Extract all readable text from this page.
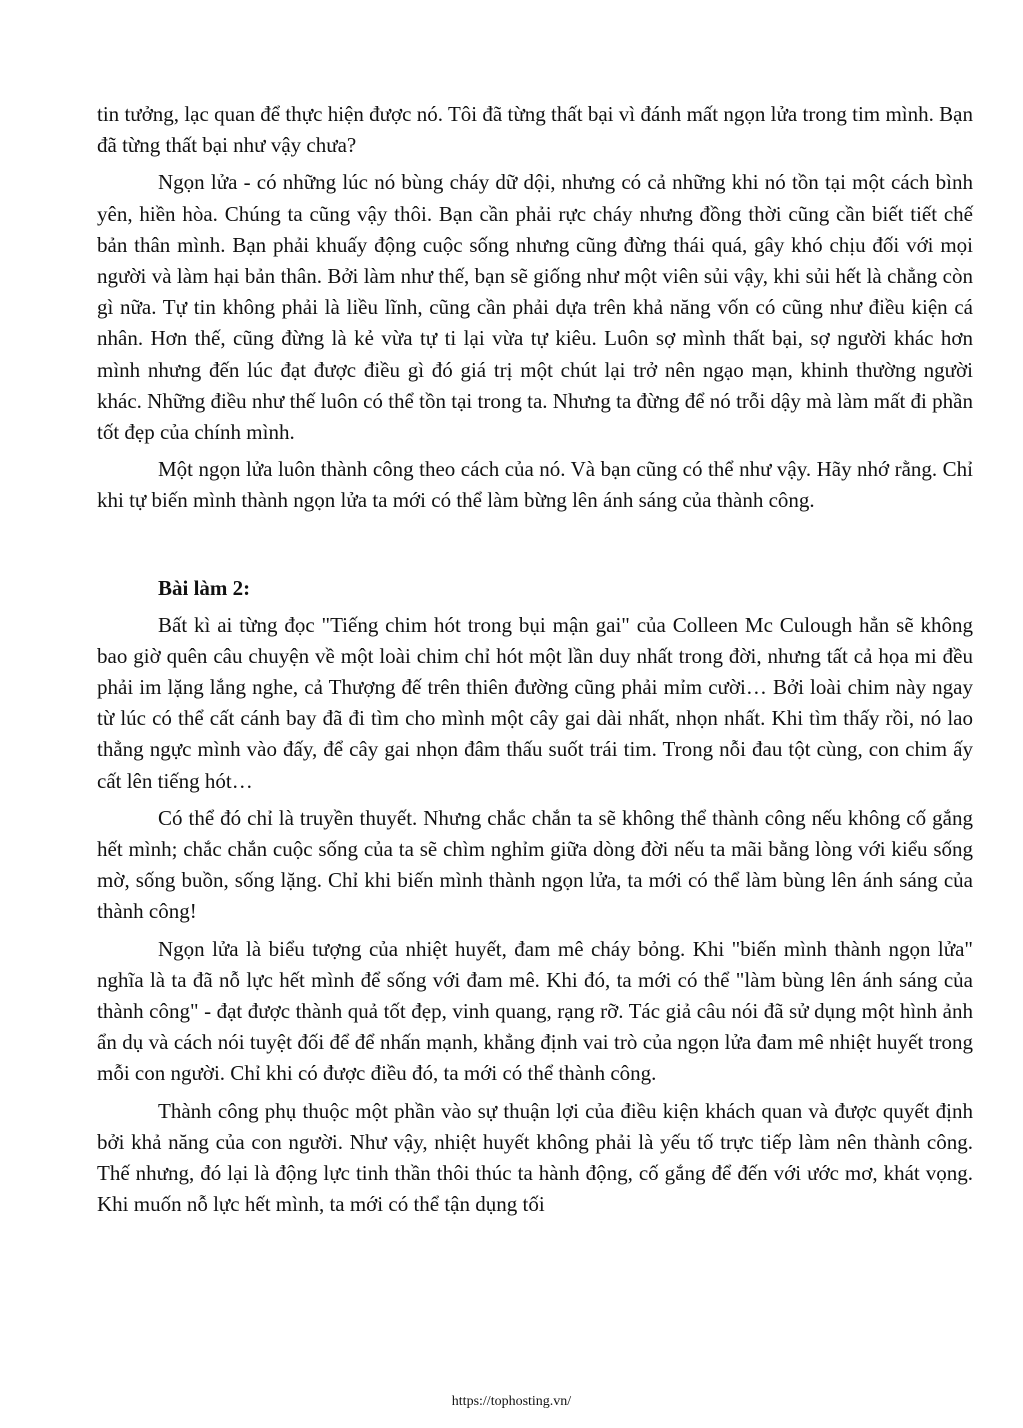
tin tưởng, lạc quan để thực hiện được nó. Tôi đã từng thất bại vì đánh mất ngọn lửa trong tim mình. Bạn đã từng thất bại như vậy chưa?

Ngọn lửa - có những lúc nó bùng cháy dữ dội, nhưng có cả những khi nó tồn tại một cách bình yên, hiền hòa. Chúng ta cũng vậy thôi. Bạn cần phải rực cháy nhưng đồng thời cũng cần biết tiết chế bản thân mình. Bạn phải khuấy động cuộc sống nhưng cũng đừng thái quá, gây khó chịu đối với mọi người và làm hại bản thân. Bởi làm như thế, bạn sẽ giống như một viên sủi vậy, khi sủi hết là chẳng còn gì nữa. Tự tin không phải là liều lĩnh, cũng cần phải dựa trên khả năng vốn có cũng như điều kiện cá nhân. Hơn thế, cũng đừng là kẻ vừa tự ti lại vừa tự kiêu. Luôn sợ mình thất bại, sợ người khác hơn mình nhưng đến lúc đạt được điều gì đó giá trị một chút lại trở nên ngạo mạn, khinh thường người khác. Những điều như thế luôn có thể tồn tại trong ta. Nhưng ta đừng để nó trỗi dậy mà làm mất đi phần tốt đẹp của chính mình.

Một ngọn lửa luôn thành công theo cách của nó. Và bạn cũng có thể như vậy. Hãy nhớ rằng. Chỉ khi tự biến mình thành ngọn lửa ta mới có thể làm bừng lên ánh sáng của thành công.

Bài làm 2:

Bất kì ai từng đọc "Tiếng chim hót trong bụi mận gai" của Colleen Mc Culough hẳn sẽ không bao giờ quên câu chuyện về một loài chim chỉ hót một lần duy nhất trong đời, nhưng tất cả họa mi đều phải im lặng lắng nghe, cả Thượng đế trên thiên đường cũng phải mỉm cười… Bởi loài chim này ngay từ lúc có thể cất cánh bay đã đi tìm cho mình một cây gai dài nhất, nhọn nhất. Khi tìm thấy rồi, nó lao thẳng ngực mình vào đấy, để cây gai nhọn đâm thấu suốt trái tim. Trong nỗi đau tột cùng, con chim ấy cất lên tiếng hót…

Có thể đó chỉ là truyền thuyết. Nhưng chắc chắn ta sẽ không thể thành công nếu không cố gắng hết mình; chắc chắn cuộc sống của ta sẽ chìm nghỉm giữa dòng đời nếu ta mãi bằng lòng với kiểu sống mờ, sống buồn, sống lặng. Chỉ khi biến mình thành ngọn lửa, ta mới có thể làm bùng lên ánh sáng của thành công!

Ngọn lửa là biểu tượng của nhiệt huyết, đam mê cháy bỏng. Khi "biến mình thành ngọn lửa" nghĩa là ta đã nỗ lực hết mình để sống với đam mê. Khi đó, ta mới có thể "làm bùng lên ánh sáng của thành công" - đạt được thành quả tốt đẹp, vinh quang, rạng rỡ. Tác giả câu nói đã sử dụng một hình ảnh ẩn dụ và cách nói tuyệt đối để để nhấn mạnh, khẳng định vai trò của ngọn lửa đam mê nhiệt huyết trong mỗi con người. Chỉ khi có được điều đó, ta mới có thể thành công.

Thành công phụ thuộc một phần vào sự thuận lợi của điều kiện khách quan và được quyết định bởi khả năng của con người. Như vậy, nhiệt huyết không phải là yếu tố trực tiếp làm nên thành công. Thế nhưng, đó lại là động lực tinh thần thôi thúc ta hành động, cố gắng để đến với ước mơ, khát vọng. Khi muốn nỗ lực hết mình, ta mới có thể tận dụng tối

https://tophosting.vn/
